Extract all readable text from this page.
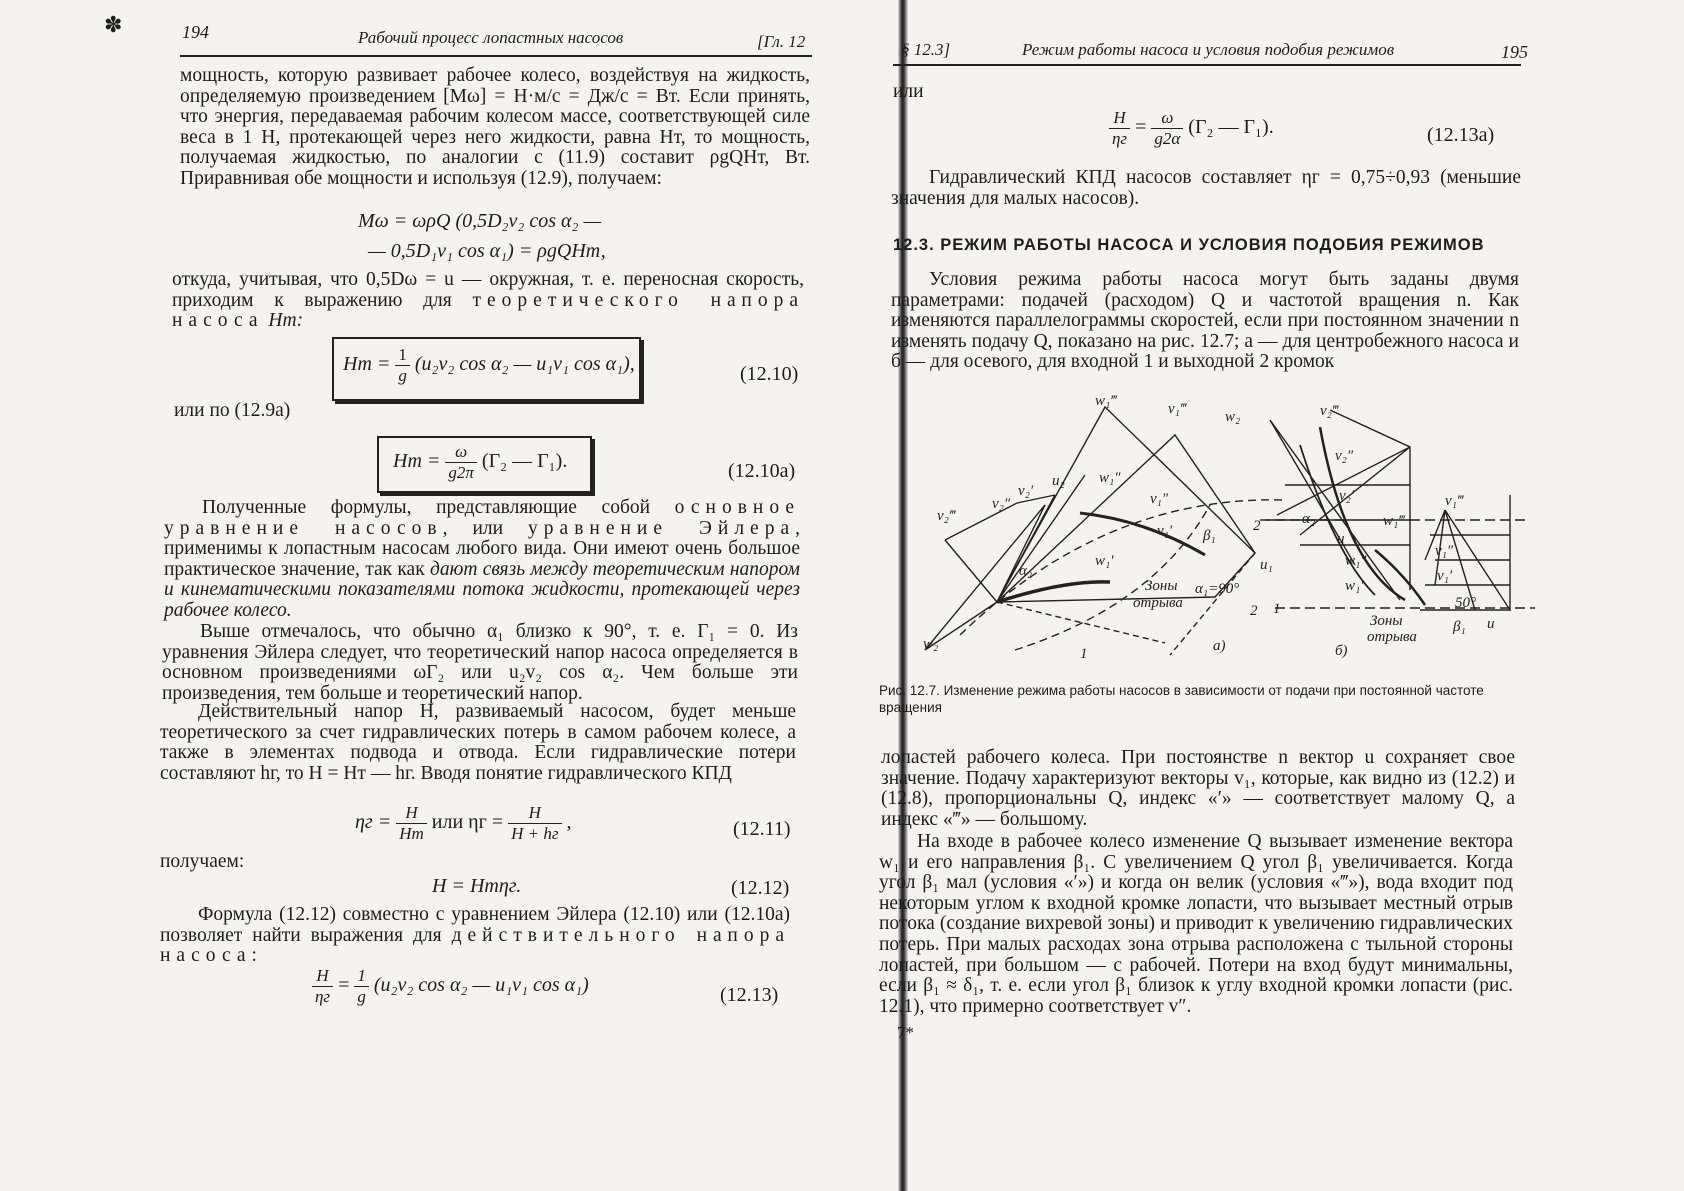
✽	194	Рабочий процесс лопастных насосов	[Гл. 12

мощность, которую развивает рабочее колесо, воздействуя на жидкость, определяемую произведением [Мω] = Н·м/с = Дж/с = Вт. Если принять, что энергия, передаваемая рабочим колесом массе, соответствующей силе веса в 1 Н, протекающей через него жидкости, равна Hт, то мощность, получаемая жидкостью, по аналогии с (11.9) составит ρgQHт, Вт. Приравнивая обе мощности и используя (12.9), получаем:

Mω = ωρQ (0,5D₂v₂ cos α₂ —
— 0,5D₁v₁ cos α₁) = ρgQHт,

откуда, учитывая, что 0,5Dω = u — окружная, т. е. переносная скорость, приходим к выражению для теоретического напора насоса Hт:

Hт = $\frac{1}{g} (u_2v_2$ cos α₂ — u₁v₁ cos α₁),	(12.10)
или по (12.9а)
Hт = $\frac{\omega}{g2\pi} (\Gamma_2$ — Γ₁).	(12.10а)

Полученные формулы, представляющие собой основное уравнение насосов, или уравнение Эйлера, применимы к лопастным насосам любого вида. Они имеют очень большое практическое значение, так как дают связь между теоретическим напором и кинематическими показателями потока жидкости, протекающей через рабочее колесо.

Выше отмечалось, что обычно α₁ близко к 90°, т. е. Γ₁ = 0. Из уравнения Эйлера следует, что теоретический напор насоса определяется в основном произведениями ωΓ₂ или u₂v₂ cos α₂. Чем больше эти произведения, тем больше и теоретический напор.

Действительный напор H, развиваемый насосом, будет меньше теоретического за счет гидравлических потерь в самом рабочем колесе, а также в элементах подвода и отвода. Если гидравлические потери составляют hг, то H = Hт — hг. Вводя понятие гидравлического КПД

$\eta г = \frac{H}{Hт}$ или $\eta г = \frac{H}{H + hг}$ ,	(12.11)
получаем:
H = Hтηг.	(12.12)

Формула (12.12) совместно с уравнением Эйлера (12.10) или (12.10а) позволяет найти выражения для действительного напора насоса:

$\frac{H}{\eta г} = \frac{1}{g} (u_2v_2$ cos α₂ — u₁v₁ cos α₁)	(12.13)
§ 12.3]	Режим работы насоса и условия подобия режимов	195
или
$\frac{H}{\eta г} = \frac{\omega}{g2\alpha} (\Gamma_2$ — Γ₁).	(12.13а)

Гидравлический КПД насосов составляет ηг = 0,75÷0,93 (меньшие значения для малых насосов).

12.3. РЕЖИМ РАБОТЫ НАСОСА И УСЛОВИЯ ПОДОБИЯ РЕЖИМОВ

Условия режима работы насоса могут быть заданы двумя параметрами: подачей (расходом) Q и частотой вращения n. Как изменяются параллелограммы скоростей, если при постоянном значении n изменять подачу Q, показано на рис. 12.7; а — для центробежного насоса и б — для осевого, для входной 1 и выходной 2 кромок

w₁‴	v₁‴	w₂	v₂‴
u₂
v₂‴
v₂″
v₂′
w₁″
v₁″
v₁′ β₁
w₁′	u₁
α₂
Зоны
отрыва
α₁=90°
2
1
w₂	а)
v₂″
v₂′
α₂
u
2
w₁‴
v₁‴
w₁″
v₁″
w₁′
v₁′
1	50°
Зоны
отрыва
β₁ u
б)
Рис. 12.7. Изменение режима работы насосов в зависимости от подачи при постоянной частоте вращения

лопастей рабочего колеса. При постоянстве n вектор u сохраняет свое значение. Подачу характеризуют векторы v₁, которые, как видно из (12.2) и (12.8), пропорциональны Q, индекс «′» — соответствует малому Q, а индекс «‴» — большому.

На входе в рабочее колесо изменение Q вызывает изменение вектора w₁ и его направления β₁. С увеличением Q угол β₁ увеличивается. Когда угол β₁ мал (условия «′») и когда он велик (условия «‴»), вода входит под некоторым углом к входной кромке лопасти, что вызывает местный отрыв потока (создание вихревой зоны) и приводит к увеличению гидравлических потерь. При малых расходах зона отрыва расположена с тыльной стороны лопастей, при большом — с рабочей. Потери на вход будут минимальны, если β₁ ≈ δ₁, т. е. если угол β₁ близок к углу входной кромки лопасти (рис. 12.1), что примерно соответствует v″.

7*
